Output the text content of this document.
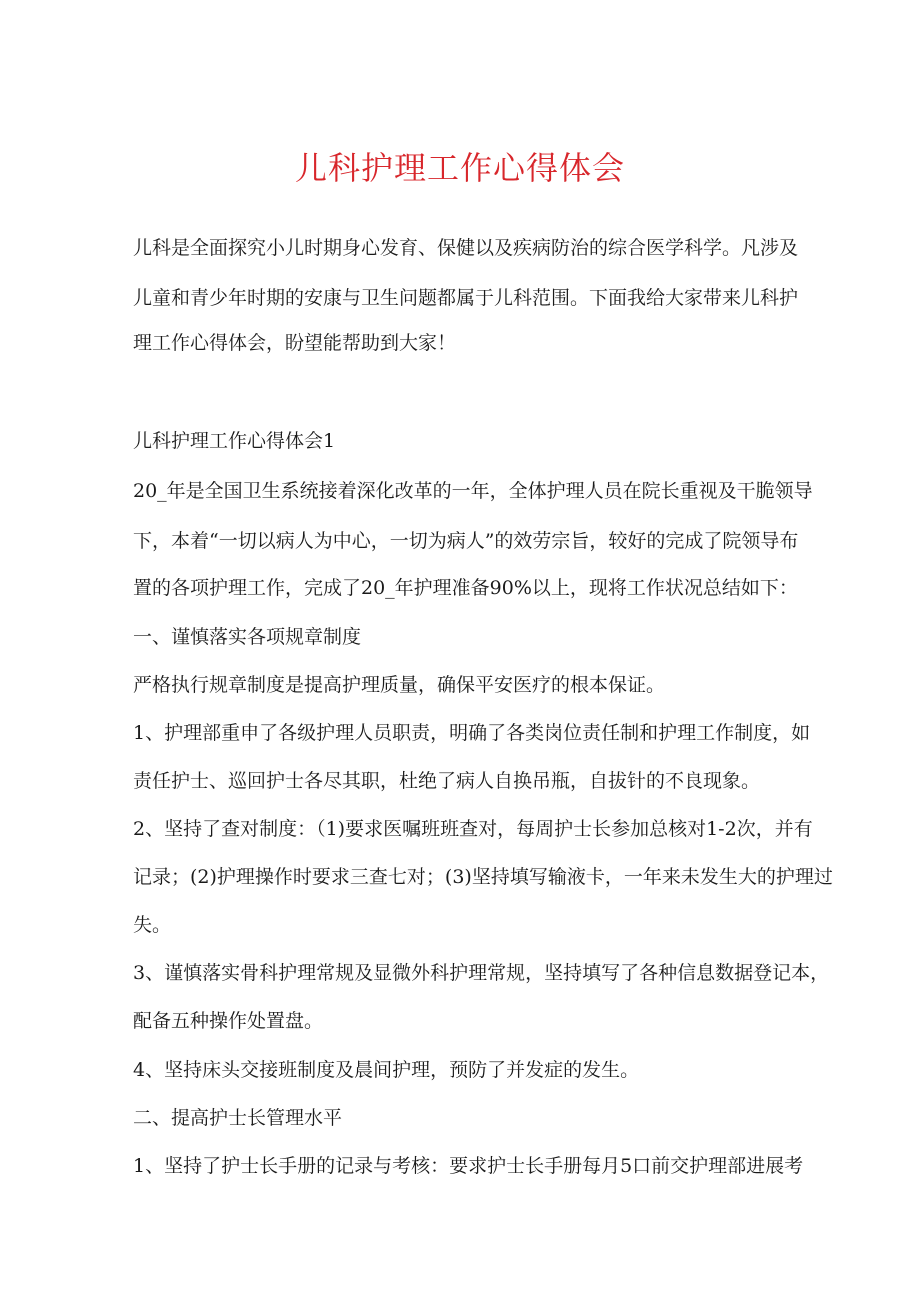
儿科护理工作心得体会
儿科是全面探究小儿时期身心发育、保健以及疾病防治的综合医学科学。凡涉及
儿童和青少年时期的安康与卫生问题都属于儿科范围。下面我给大家带来儿科护
理工作心得体会，盼望能帮助到大家！
儿科护理工作心得体会1
20_年是全国卫生系统接着深化改革的一年，全体护理人员在院长重视及干脆领导
下，本着“一切以病人为中心，一切为病人”的效劳宗旨，较好的完成了院领导布
置的各项护理工作，完成了20_年护理准备90%以上，现将工作状况总结如下：
一、谨慎落实各项规章制度
严格执行规章制度是提高护理质量，确保平安医疗的根本保证。
1、护理部重申了各级护理人员职责，明确了各类岗位责任制和护理工作制度，如
责任护士、巡回护士各尽其职，杜绝了病人自换吊瓶，自拔针的不良现象。
2、坚持了查对制度：（1)要求医嘱班班查对，每周护士长参加总核对1-2次，并有
记录；(2)护理操作时要求三查七对；(3)坚持填写输液卡，一年来未发生大的护理过
失。
3、谨慎落实骨科护理常规及显微外科护理常规，坚持填写了各种信息数据登记本，
配备五种操作处置盘。
4、坚持床头交接班制度及晨间护理，预防了并发症的发生。
二、提高护士长管理水平
1、坚持了护士长手册的记录与考核：要求护士长手册每月5口前交护理部进展考
